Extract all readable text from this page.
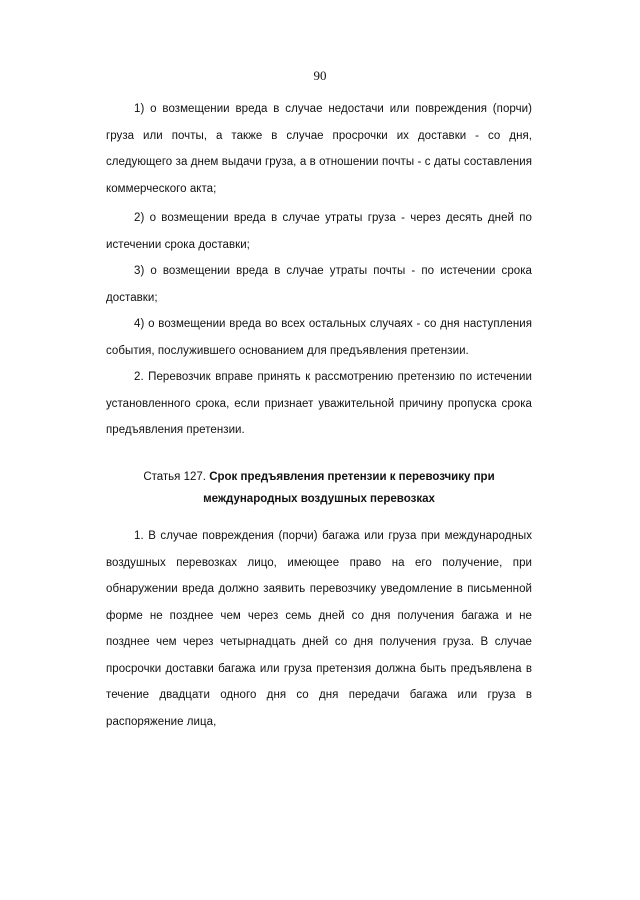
90

1) о возмещении вреда в случае недостачи или повреждения (порчи) груза или почты, а также в случае просрочки их доставки - со дня, следующего за днем выдачи груза, а в отношении почты - с даты составления коммерческого акта;

2) о возмещении вреда в случае утраты груза - через десять дней по истечении срока доставки;

3) о возмещении вреда в случае утраты почты - по истечении срока доставки;

4) о возмещении вреда во всех остальных случаях - со дня наступления события, послужившего основанием для предъявления претензии.

2. Перевозчик вправе принять к рассмотрению претензию по истечении установленного срока, если признает уважительной причину пропуска срока предъявления претензии.

Статья 127. Срок предъявления претензии к перевозчику при
международных воздушных перевозках

1. В случае повреждения (порчи) багажа или груза при международных воздушных перевозках лицо, имеющее право на его получение, при обнаружении вреда должно заявить перевозчику уведомление в письменной форме не позднее чем через семь дней со дня получения багажа и не позднее чем через четырнадцать дней со дня получения груза. В случае просрочки доставки багажа или груза претензия должна быть предъявлена в течение двадцати одного дня со дня передачи багажа или груза в распоряжение лица,
